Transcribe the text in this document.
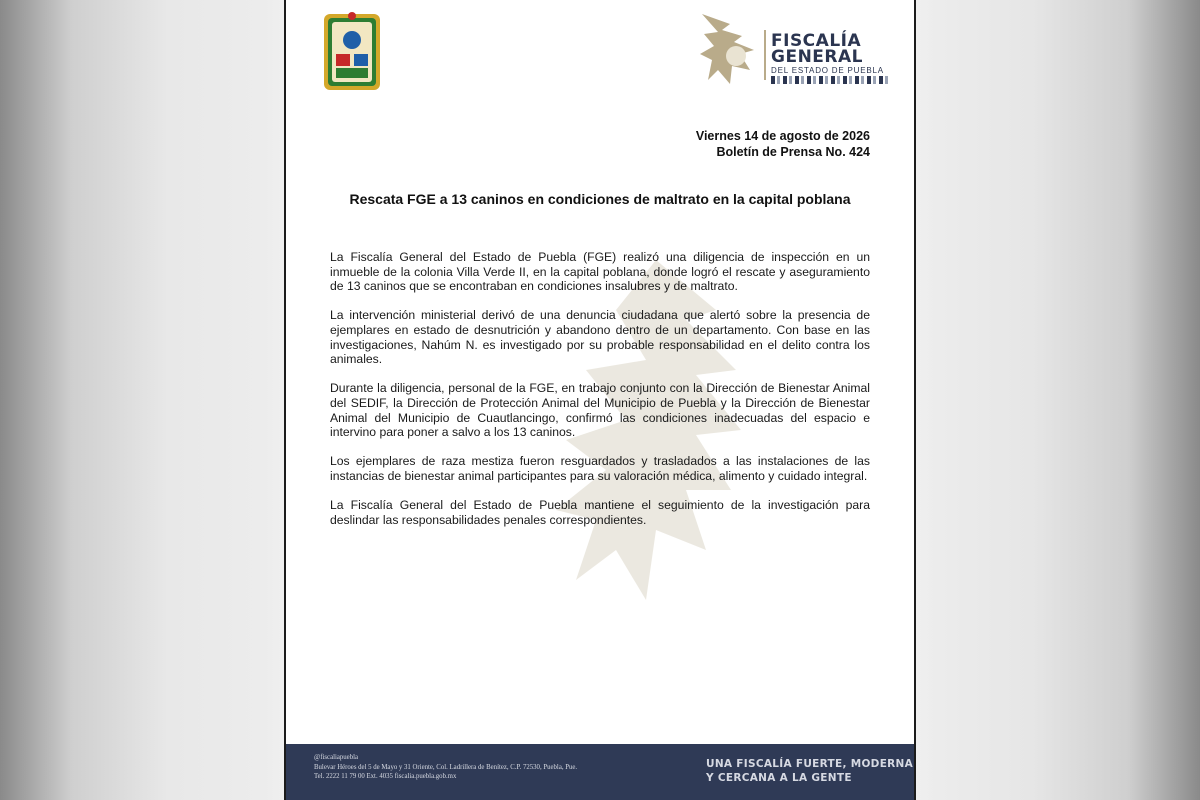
FISCALÍA
GENERAL
DEL ESTADO DE PUEBLA
Viernes 14 de agosto de 2026
Boletín de Prensa No. 424
Rescata FGE a 13 caninos en condiciones de maltrato en la capital poblana

La Fiscalía General del Estado de Puebla (FGE) realizó una diligencia de inspección en un inmueble de la colonia Villa Verde II, en la capital poblana, donde logró el rescate y aseguramiento de 13 caninos que se encontraban en condiciones insalubres y de maltrato.

La intervención ministerial derivó de una denuncia ciudadana que alertó sobre la presencia de ejemplares en estado de desnutrición y abandono dentro de un departamento. Con base en las investigaciones, Nahúm N. es investigado por su probable responsabilidad en el delito contra los animales.

Durante la diligencia, personal de la FGE, en trabajo conjunto con la Dirección de Bienestar Animal del SEDIF, la Dirección de Protección Animal del Municipio de Puebla y la Dirección de Bienestar Animal del Municipio de Cuautlancingo, confirmó las condiciones inadecuadas del espacio e intervino para poner a salvo a los 13 caninos.

Los ejemplares de raza mestiza fueron resguardados y trasladados a las instalaciones de las instancias de bienestar animal participantes para su valoración médica, alimento y cuidado integral.

La Fiscalía General del Estado de Puebla mantiene el seguimiento de la investigación para deslindar las responsabilidades penales correspondientes.

@fiscaliapuebla
Bulevar Héroes del 5 de Mayo y 31 Oriente, Col. Ladrillera de Benítez, C.P. 72530, Puebla, Pue.
Tel. 2222 11 79 00 Ext. 4035 fiscalia.puebla.gob.mx
UNA FISCALÍA FUERTE, MODERNA
Y CERCANA A LA GENTE
